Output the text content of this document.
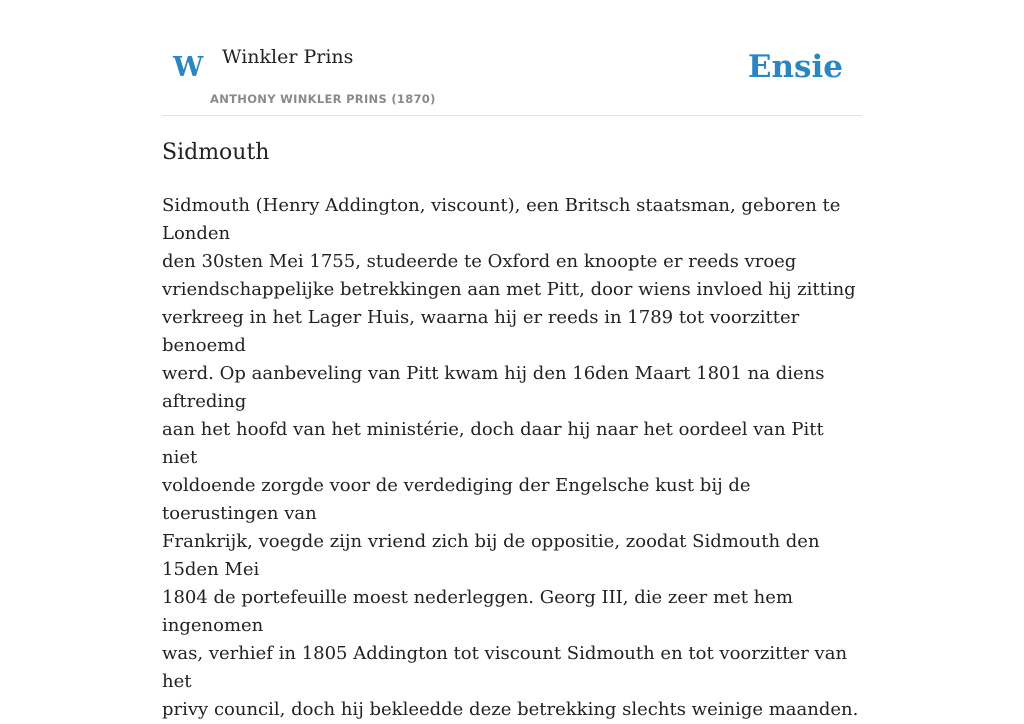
W Winkler Prins
ANTHONY WINKLER PRINS (1870)
Ensie
Sidmouth
Sidmouth (Henry Addington, viscount), een Britsch staatsman, geboren te Londen
den 30sten Mei 1755, studeerde te Oxford en knoopte er reeds vroeg
vriendschappelijke betrekkingen aan met Pitt, door wiens invloed hij zitting
verkreeg in het Lager Huis, waarna hij er reeds in 1789 tot voorzitter benoemd
werd. Op aanbeveling van Pitt kwam hij den 16den Maart 1801 na diens aftreding
aan het hoofd van het ministérie, doch daar hij naar het oordeel van Pitt niet
voldoende zorgde voor de verdediging der Engelsche kust bij de toerustingen van
Frankrijk, voegde zijn vriend zich bij de oppositie, zoodat Sidmouth den 15den Mei
1804 de portefeuille moest nederleggen. Georg III, die zeer met hem ingenomen
was, verhief in 1805 Addington tot viscount Sidmouth en tot voorzitter van het
privy council, doch hij bekleedde deze betrekking slechts weinige maanden.
